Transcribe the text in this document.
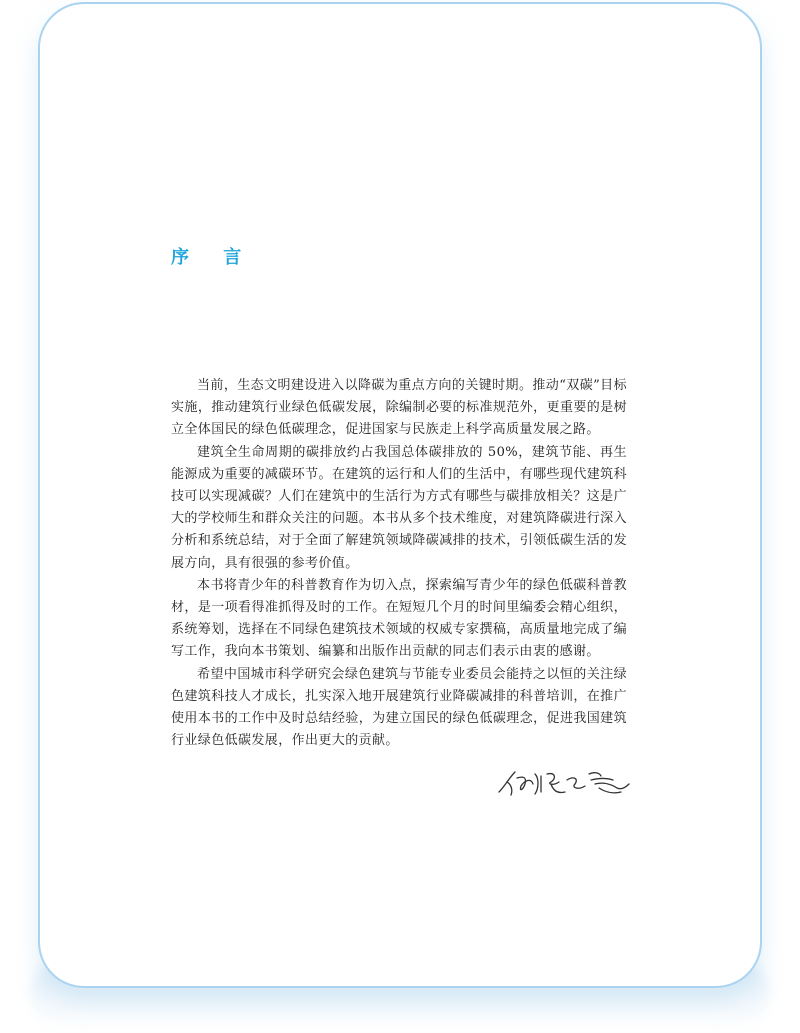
序 言

当前，生态文明建设进入以降碳为重点方向的关键时期。推动“双碳”目标实施，推动建筑行业绿色低碳发展，除编制必要的标准规范外，更重要的是树立全体国民的绿色低碳理念，促进国家与民族走上科学高质量发展之路。

建筑全生命周期的碳排放约占我国总体碳排放的 50%，建筑节能、再生能源成为重要的减碳环节。在建筑的运行和人们的生活中，有哪些现代建筑科技可以实现减碳？人们在建筑中的生活行为方式有哪些与碳排放相关？这是广大的学校师生和群众关注的问题。本书从多个技术维度，对建筑降碳进行深入分析和系统总结，对于全面了解建筑领域降碳减排的技术，引领低碳生活的发展方向，具有很强的参考价值。

本书将青少年的科普教育作为切入点，探索编写青少年的绿色低碳科普教材，是一项看得准抓得及时的工作。在短短几个月的时间里编委会精心组织，系统筹划，选择在不同绿色建筑技术领域的权威专家撰稿，高质量地完成了编写工作，我向本书策划、编纂和出版作出贡献的同志们表示由衷的感谢。

希望中国城市科学研究会绿色建筑与节能专业委员会能持之以恒的关注绿色建筑科技人才成长，扎实深入地开展建筑行业降碳减排的科普培训，在推广使用本书的工作中及时总结经验，为建立国民的绿色低碳理念，促进我国建筑行业绿色低碳发展，作出更大的贡献。
